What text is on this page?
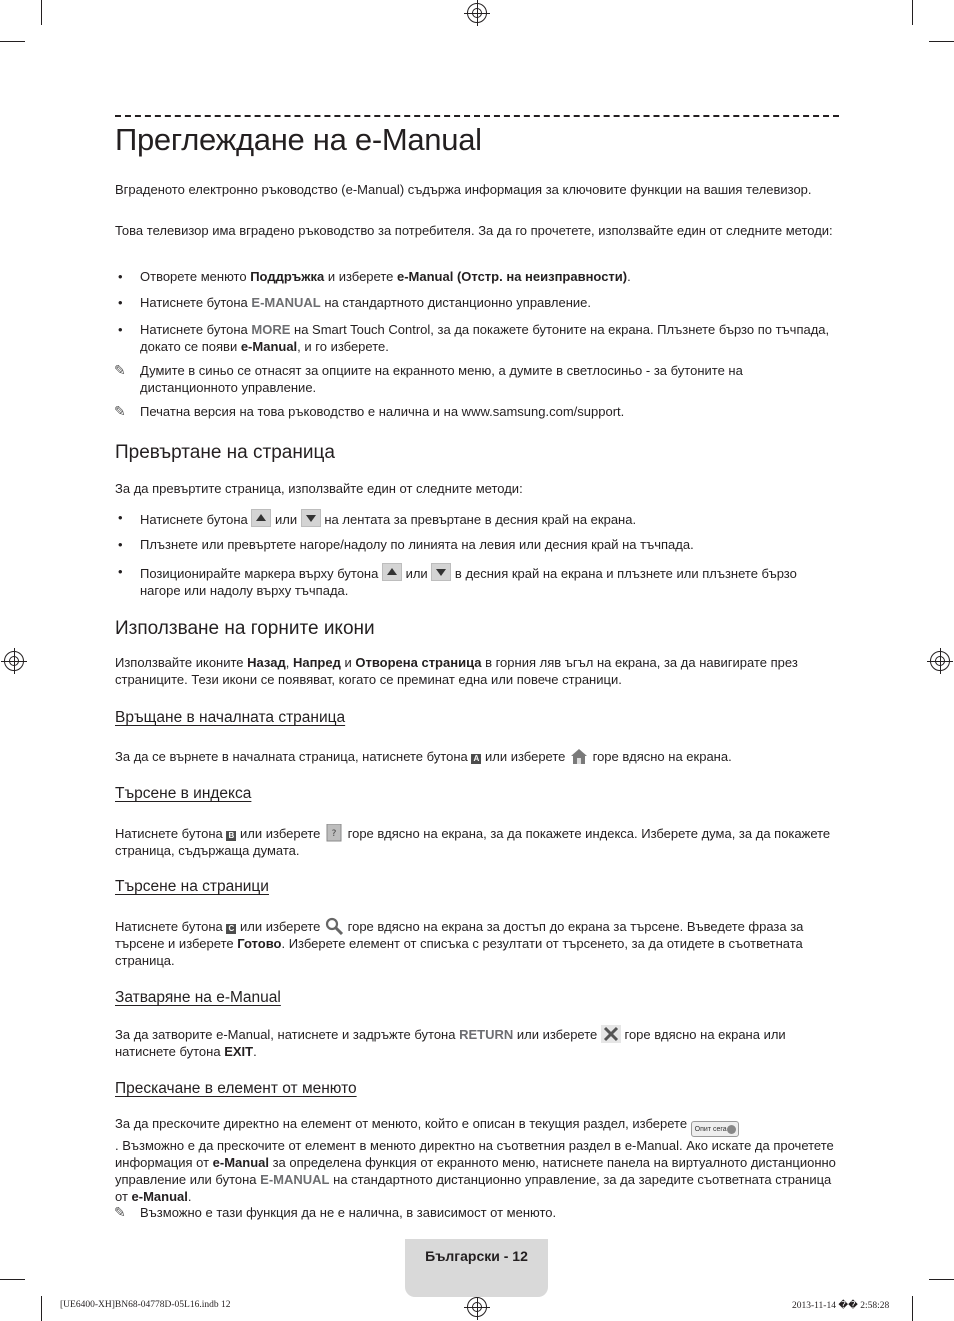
Преглеждане на e-Manual
Вграденото електронно ръководство (e-Manual) съдържа информация за ключовите функции на вашия телевизор.
Това телевизор има вградено ръководство за потребителя. За да го прочетете, използвайте един от следните методи:
• Отворете менюто Поддръжка и изберете e-Manual (Отстр. на неизправности).
• Натиснете бутона E-MANUAL на стандартното дистанционно управление.
• Натиснете бутона MORE на Smart Touch Control, за да покажете бутоните на екрана. Плъзнете бързо по тъчпада, докато се появи e-Manual, и го изберете.
✎ Думите в синьо се отнасят за опциите на екранното меню, а думите в светлосиньо - за бутоните на дистанционното управление.
✎ Печатна версия на това ръководство е налична и на www.samsung.com/support.
Превъртане на страница
За да превъртите страница, използвайте един от следните методи:
• Натиснете бутона
или
на лентата за превъртане в десния край на екрана.
• Плъзнете или превъртете нагоре/надолу по линията на левия или десния край на тъчпада.
• Позиционирайте маркера върху бутона
или
в десния край на екрана и плъзнете или плъзнете бързо нагоре или надолу върху тъчпада.
Използване на горните икони
Използвайте иконите Назад, Напред и Отворена страница в горния ляв ъгъл на екрана, за да навигирате през страниците. Тези икони се появяват, когато се преминат една или повече страници.
Връщане в началната страница
За да се върнете в началната страница, натиснете бутона A или изберете  горе вдясно на екрана.
Търсене в индекса
Натиснете бутона B или изберете ? горе вдясно на екрана, за да покажете индекса. Изберете дума, за да покажете страница, съдържаща думата.
Търсене на страници
Натиснете бутона C или изберете  горе вдясно на екрана за достъп до екрана за търсене. Въведете фраза за търсене и изберете Готово. Изберете елемент от списъка с резултати от търсенето, за да отидете в съответната страница.
Затваряне на e-Manual
За да затворите e-Manual, натиснете и задръжте бутона RETURN или изберете  горе вдясно на екрана или натиснете бутона EXIT.
Прескачане в елемент от менюто
За да прескочите директно на елемент от менюто, който е описан в текущия раздел, изберете Опит сега

. Възможно е да прескочите от елемент в менюто директно на съответния раздел в e-Manual. Ако искате да прочетете информация от e-Manual за определена функция от екранното меню, натиснете панела на виртуалното дистанционно управление или бутона E-MANUAL на стандартното дистанционно управление, за да заредите съответната страница от e-Manual.
✎ Възможно е тази функция да не е налична, в зависимост от менюто.
Български - 12
[UE6400-XH]BN68-04778D-05L16.indb 12	2013-11-14 �� 2:58:28
